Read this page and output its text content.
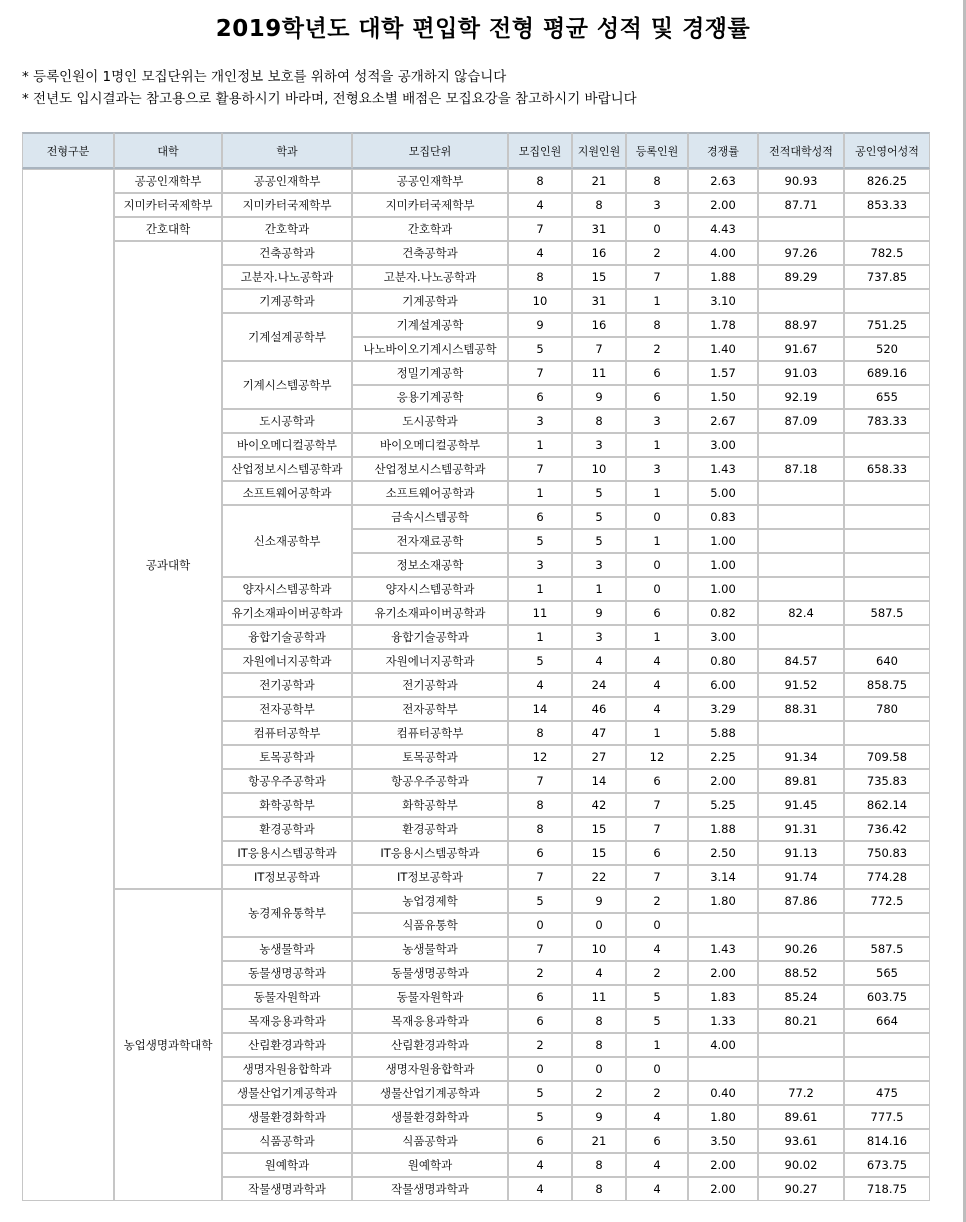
2019학년도 대학 편입학 전형 평균 성적 및 경쟁률
* 등록인원이 1명인 모집단위는 개인정보 보호를 위하여 성적을 공개하지 않습니다
* 전년도 입시결과는 참고용으로 활용하시기 바라며, 전형요소별 배점은 모집요강을 참고하시기 바랍니다
전형구분	대학	학과	모집단위	모집인원	지원인원	등록인원	경쟁률	전적대학성적	공인영어성적
	공공인재학부	공공인재학부	공공인재학부	8	21	8	2.63	90.93	826.25
	지미카터국제학부	지미카터국제학부	지미카터국제학부	4	8	3	2.00	87.71	853.33
	간호대학	간호학과	간호학과	7	31	0	4.43		
	공과대학	건축공학과	건축공학과	4	16	2	4.00	97.26	782.5
		고분자.나노공학과	고분자.나노공학과	8	15	7	1.88	89.29	737.85
		기계공학과	기계공학과	10	31	1	3.10		
		기계설계공학부	기계설계공학	9	16	8	1.78	88.97	751.25
			나노바이오기계시스템공학	5	7	2	1.40	91.67	520
		기계시스템공학부	정밀기계공학	7	11	6	1.57	91.03	689.16
			응용기계공학	6	9	6	1.50	92.19	655
		도시공학과	도시공학과	3	8	3	2.67	87.09	783.33
		바이오메디컬공학부	바이오메디컬공학부	1	3	1	3.00		
		산업정보시스템공학과	산업정보시스템공학과	7	10	3	1.43	87.18	658.33
		소프트웨어공학과	소프트웨어공학과	1	5	1	5.00		
		신소재공학부	금속시스템공학	6	5	0	0.83		
			전자재료공학	5	5	1	1.00		
			정보소재공학	3	3	0	1.00		
		양자시스템공학과	양자시스템공학과	1	1	0	1.00		
		유기소재파이버공학과	유기소재파이버공학과	11	9	6	0.82	82.4	587.5
		융합기술공학과	융합기술공학과	1	3	1	3.00		
		자원에너지공학과	자원에너지공학과	5	4	4	0.80	84.57	640
		전기공학과	전기공학과	4	24	4	6.00	91.52	858.75
		전자공학부	전자공학부	14	46	4	3.29	88.31	780
		컴퓨터공학부	컴퓨터공학부	8	47	1	5.88		
		토목공학과	토목공학과	12	27	12	2.25	91.34	709.58
		항공우주공학과	항공우주공학과	7	14	6	2.00	89.81	735.83
		화학공학부	화학공학부	8	42	7	5.25	91.45	862.14
		환경공학과	환경공학과	8	15	7	1.88	91.31	736.42
		IT응용시스템공학과	IT응용시스템공학과	6	15	6	2.50	91.13	750.83
		IT정보공학과	IT정보공학과	7	22	7	3.14	91.74	774.28
	농업생명과학대학	농경제유통학부	농업경제학	5	9	2	1.80	87.86	772.5
			식품유통학	0	0	0			
		농생물학과	농생물학과	7	10	4	1.43	90.26	587.5
		동물생명공학과	동물생명공학과	2	4	2	2.00	88.52	565
		동물자원학과	동물자원학과	6	11	5	1.83	85.24	603.75
		목재응용과학과	목재응용과학과	6	8	5	1.33	80.21	664
		산림환경과학과	산림환경과학과	2	8	1	4.00		
		생명자원융합학과	생명자원융합학과	0	0	0			
		생물산업기계공학과	생물산업기계공학과	5	2	2	0.40	77.2	475
		생물환경화학과	생물환경화학과	5	9	4	1.80	89.61	777.5
		식품공학과	식품공학과	6	21	6	3.50	93.61	814.16
		원예학과	원예학과	4	8	4	2.00	90.02	673.75
		작물생명과학과	작물생명과학과	4	8	4	2.00	90.27	718.75
